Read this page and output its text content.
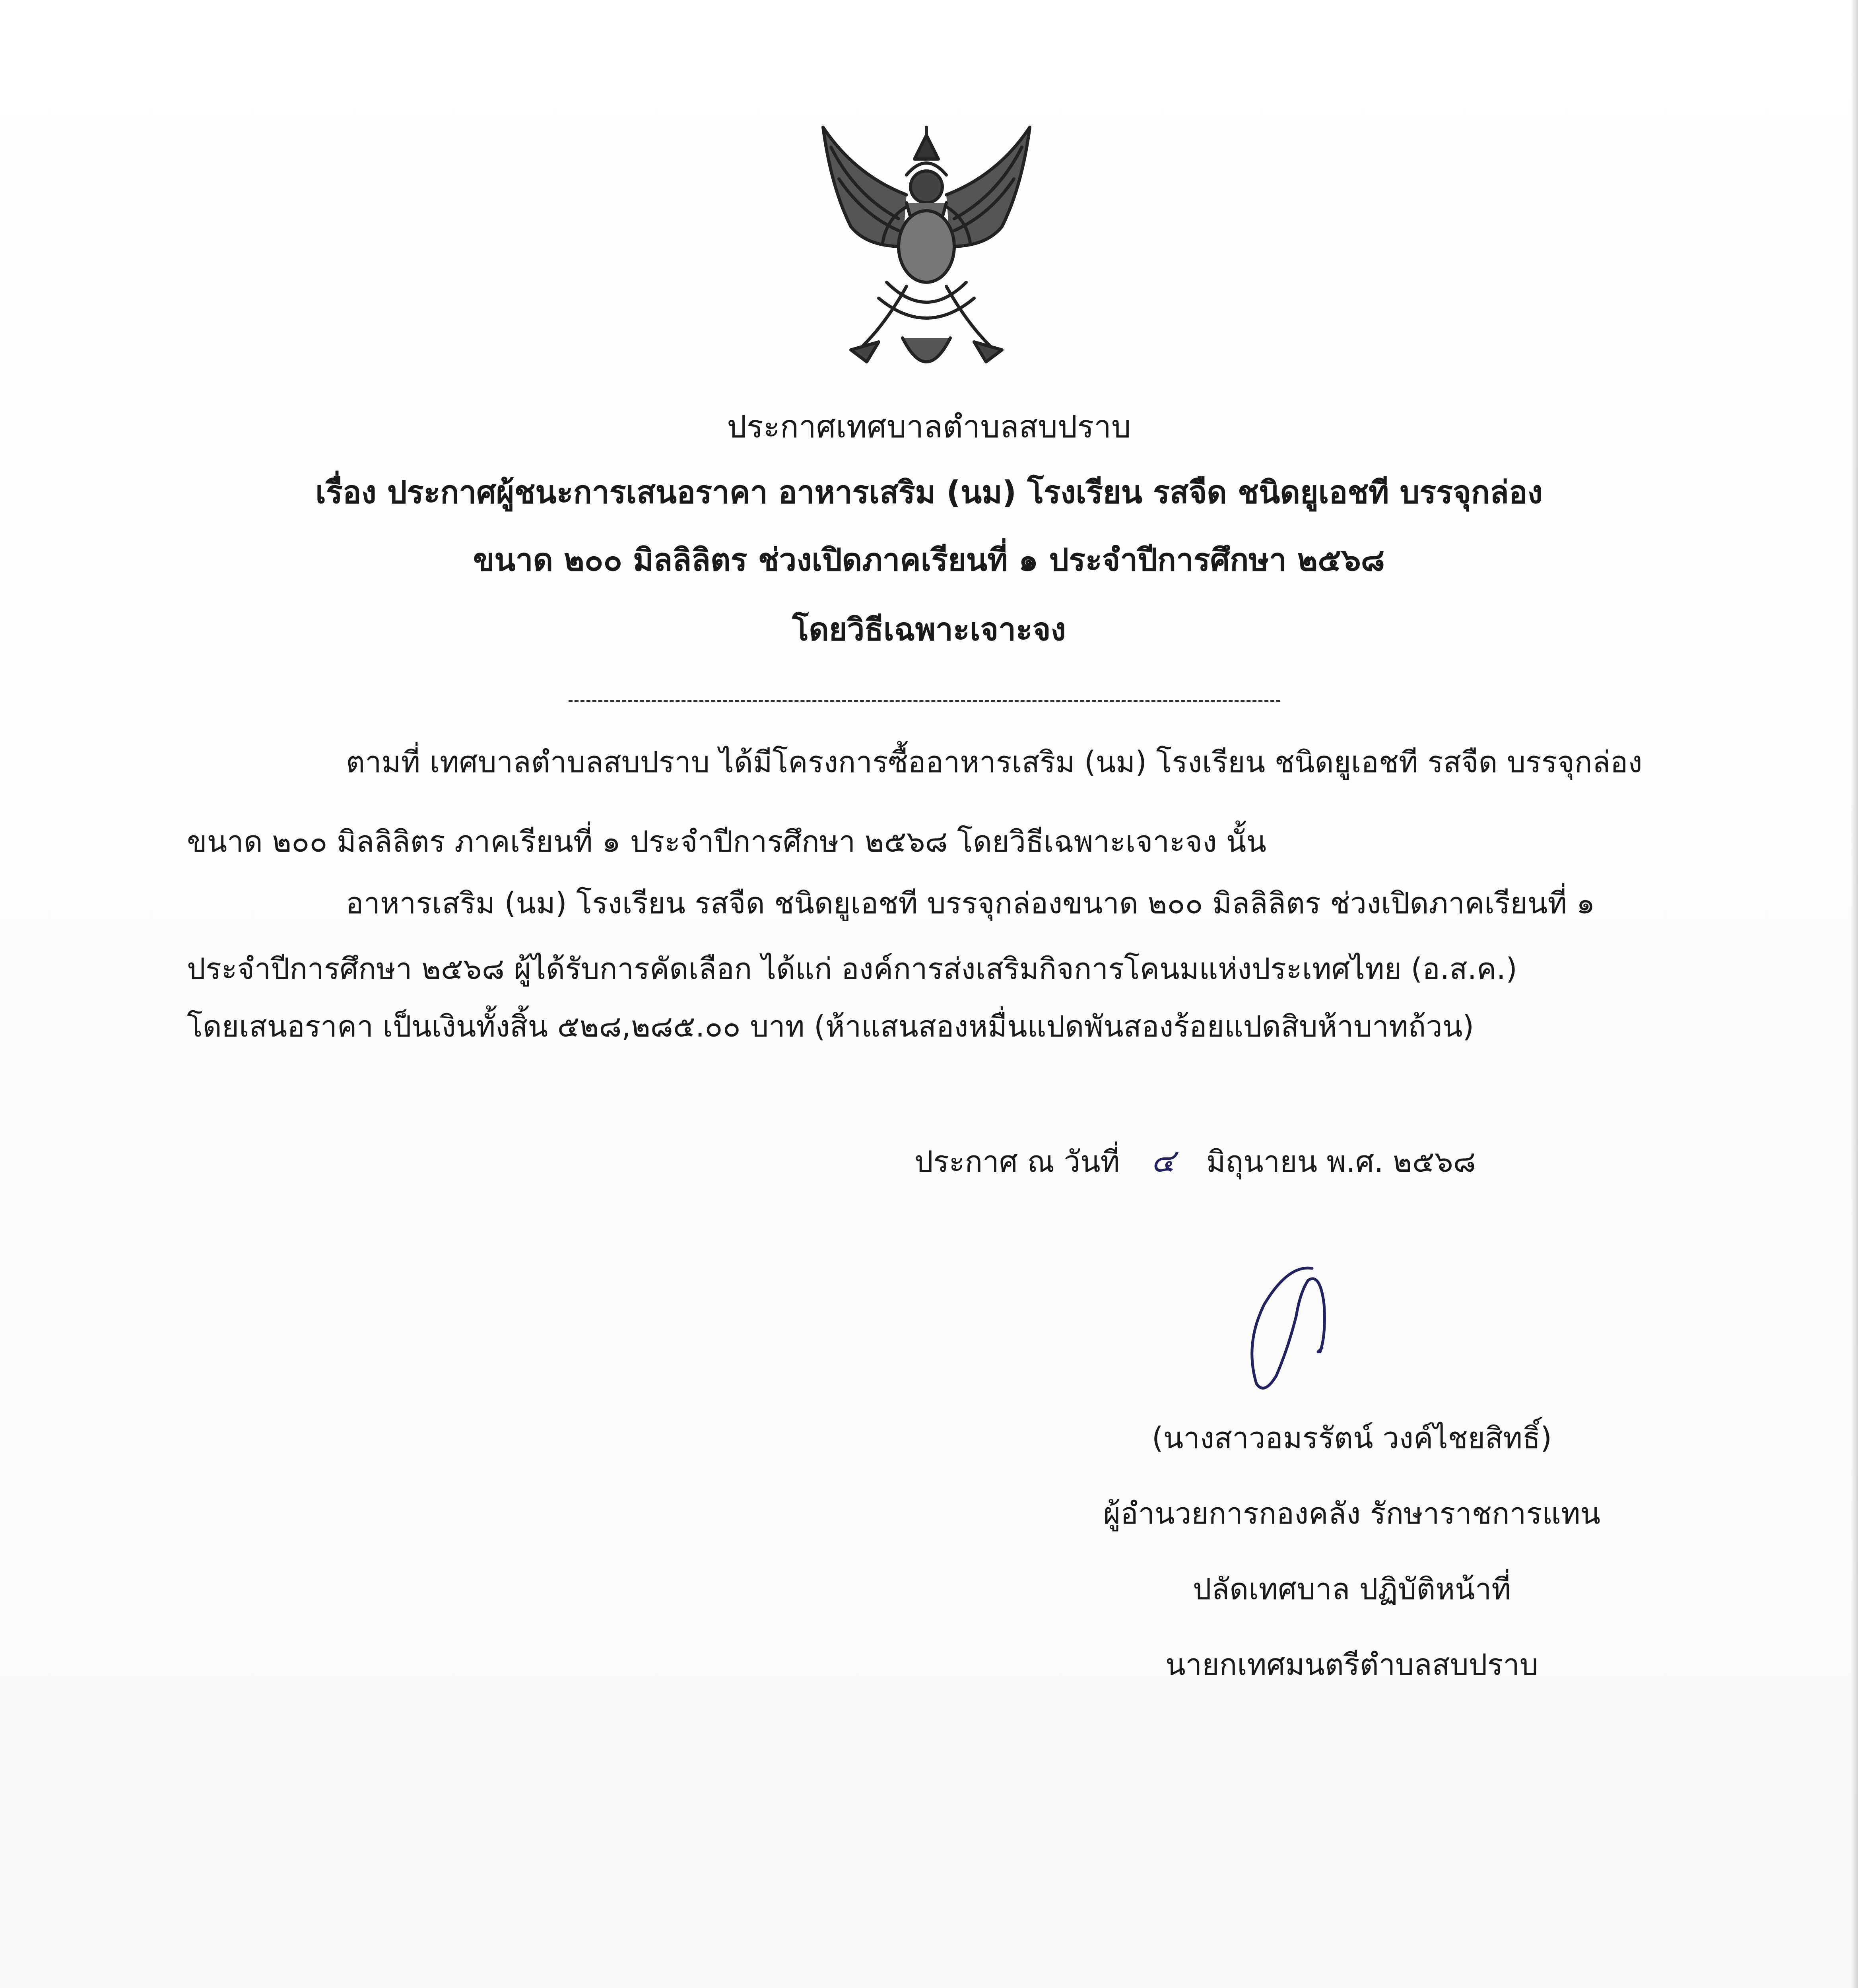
ประกาศเทศบาลตำบลสบปราบ
เรื่อง ประกาศผู้ชนะการเสนอราคา อาหารเสริม (นม) โรงเรียน รสจืด ชนิดยูเอชที บรรจุกล่อง
ขนาด ๒๐๐ มิลลิลิตร ช่วงเปิดภาคเรียนที่ ๑ ประจำปีการศึกษา ๒๕๖๘
โดยวิธีเฉพาะเจาะจง
ตามที่ เทศบาลตำบลสบปราบ ได้มีโครงการซื้ออาหารเสริม (นม) โรงเรียน ชนิดยูเอชที รสจืด บรรจุกล่อง
ขนาด ๒๐๐ มิลลิลิตร ภาคเรียนที่ ๑ ประจำปีการศึกษา ๒๕๖๘ โดยวิธีเฉพาะเจาะจง นั้น
อาหารเสริม (นม) โรงเรียน รสจืด ชนิดยูเอชที บรรจุกล่องขนาด ๒๐๐ มิลลิลิตร ช่วงเปิดภาคเรียนที่ ๑
ประจำปีการศึกษา ๒๕๖๘ ผู้ได้รับการคัดเลือก ได้แก่ องค์การส่งเสริมกิจการโคนมแห่งประเทศไทย (อ.ส.ค.)
โดยเสนอราคา เป็นเงินทั้งสิ้น ๕๒๘,๒๘๕.๐๐ บาท (ห้าแสนสองหมื่นแปดพันสองร้อยแปดสิบห้าบาทถ้วน)
ประกาศ ณ วันที่ ๔ มิถุนายน พ.ศ. ๒๕๖๘
(นางสาวอมรรัตน์ วงค์ไชยสิทธิ์)
ผู้อำนวยการกองคลัง รักษาราชการแทน
ปลัดเทศบาล ปฏิบัติหน้าที่
นายกเทศมนตรีตำบลสบปราบ
